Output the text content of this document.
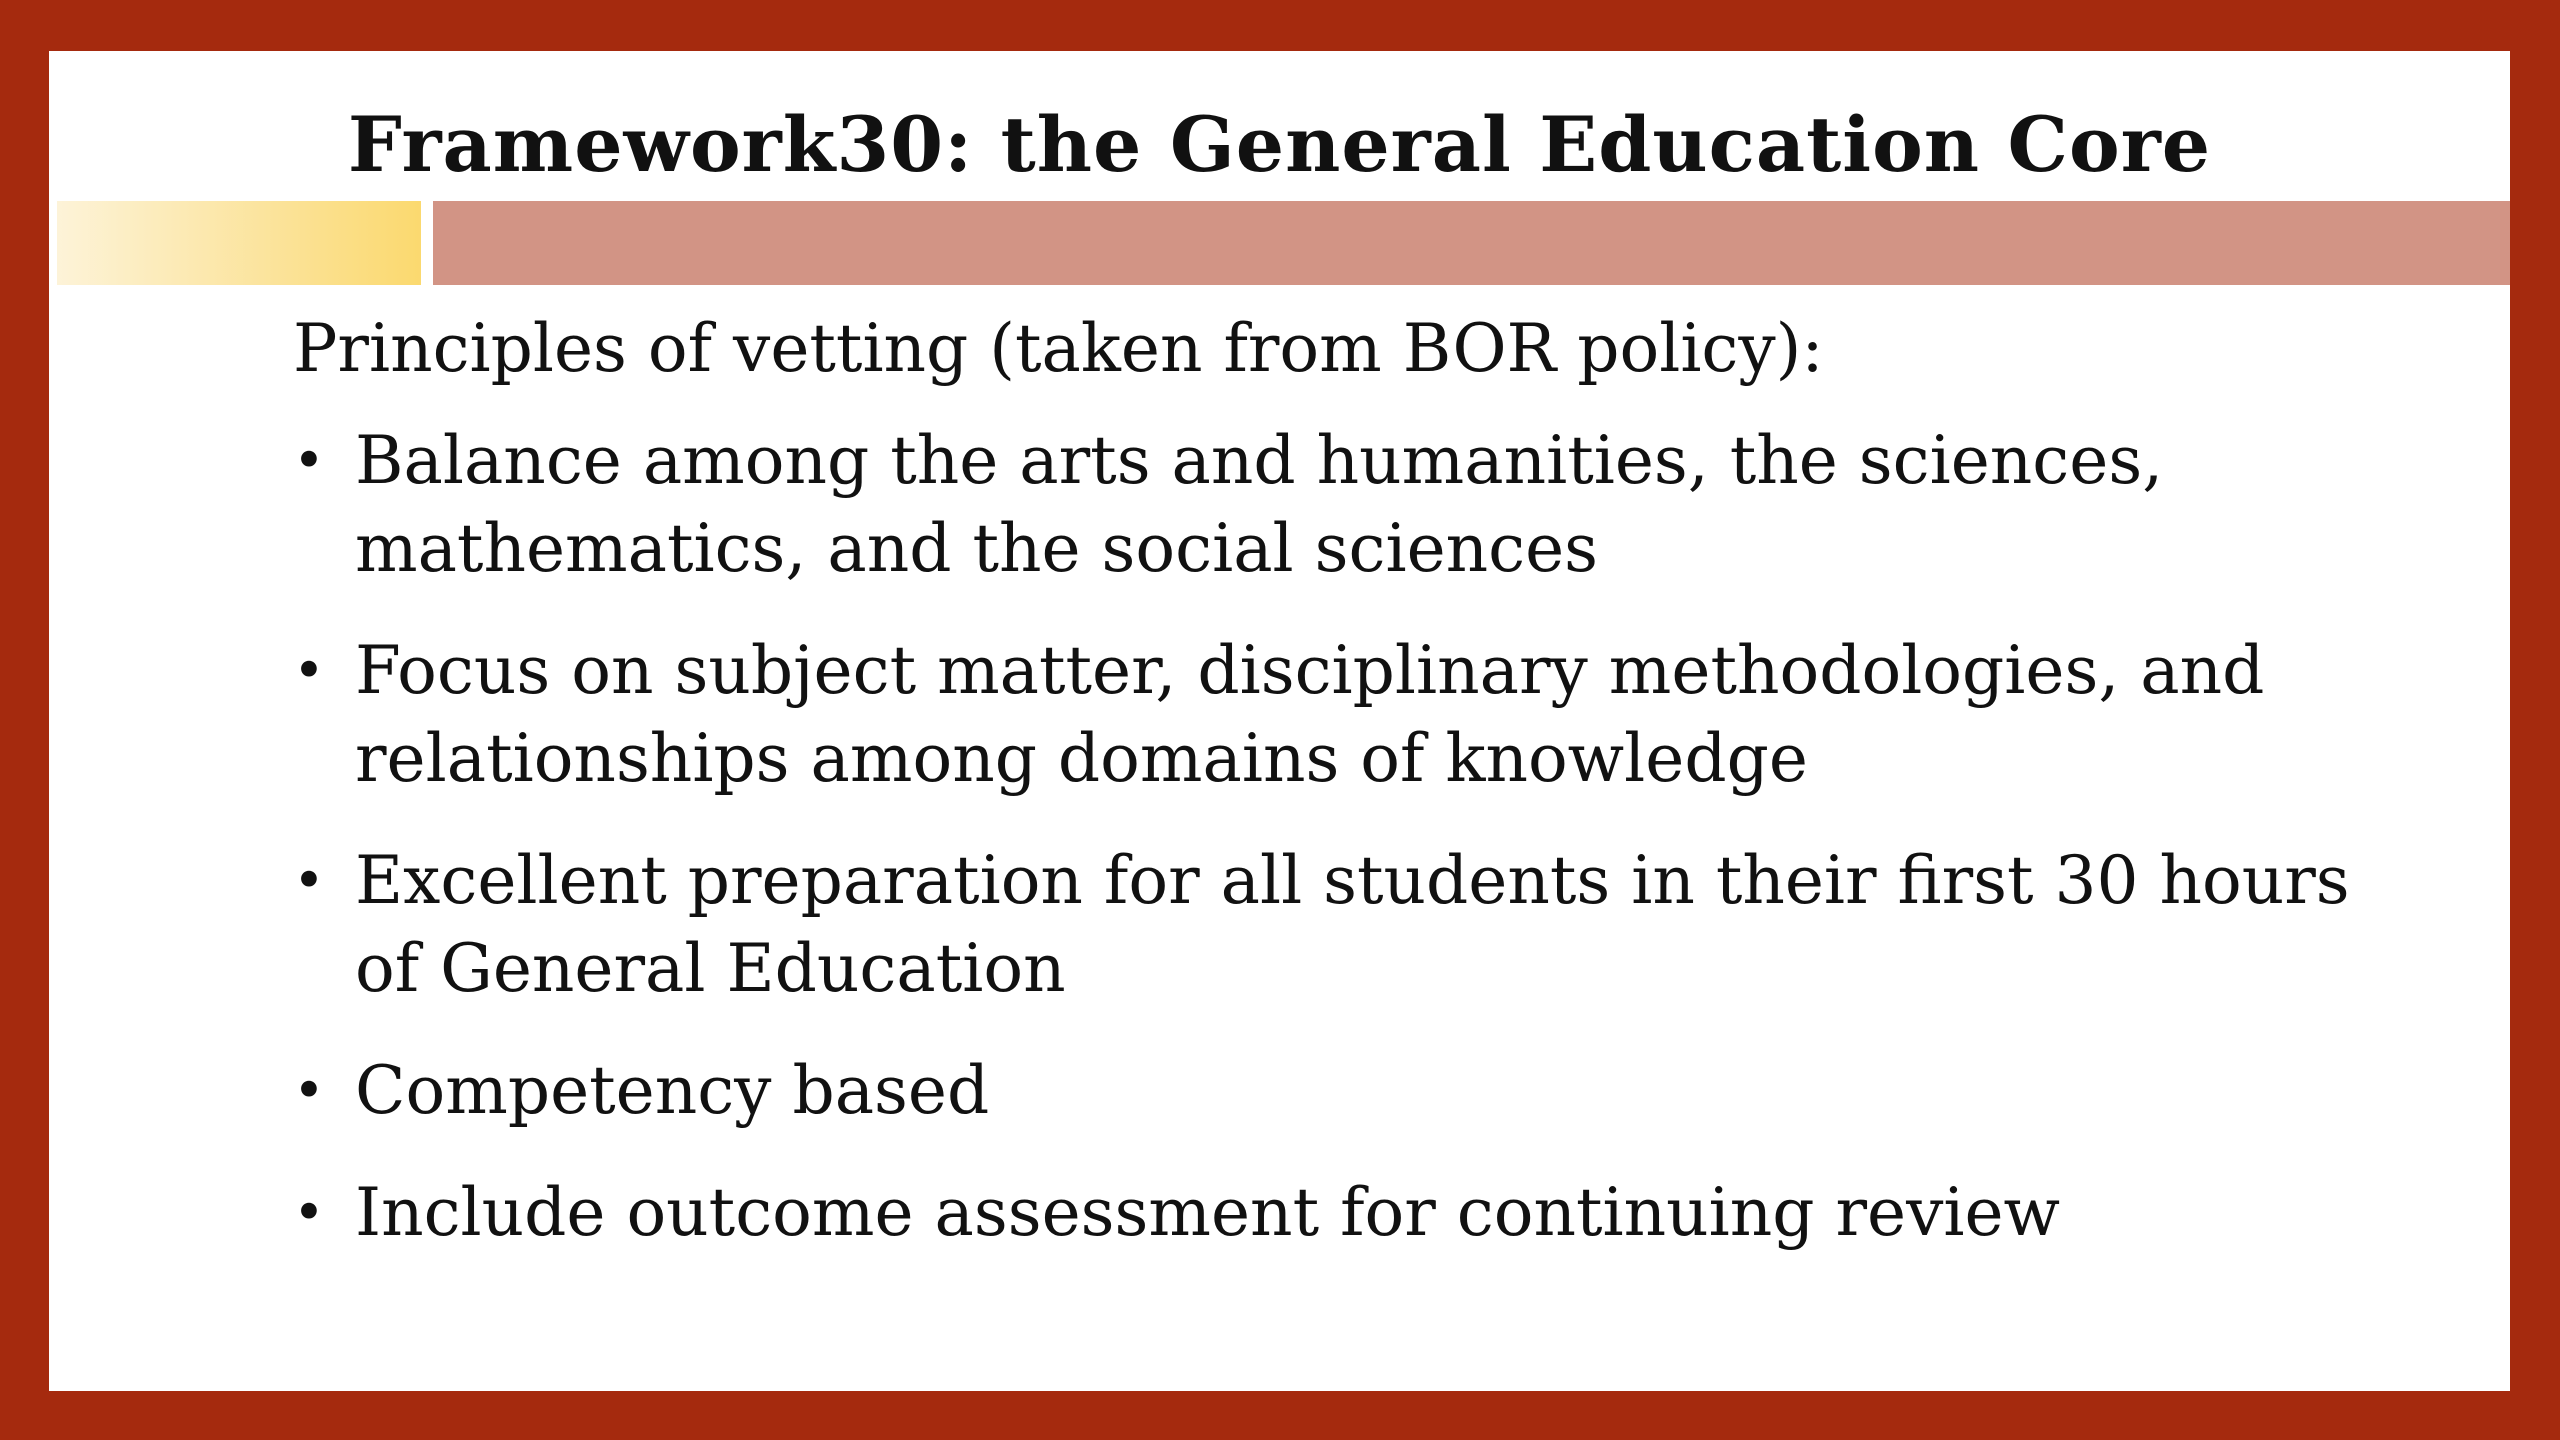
Framework30: the General Education Core

Principles of vetting (taken from BOR policy):

• Balance among the arts and humanities, the sciences, mathematics, and the social sciences
• Focus on subject matter, disciplinary methodologies, and relationships among domains of knowledge
• Excellent preparation for all students in their first 30 hours of General Education
• Competency based
• Include outcome assessment for continuing review
